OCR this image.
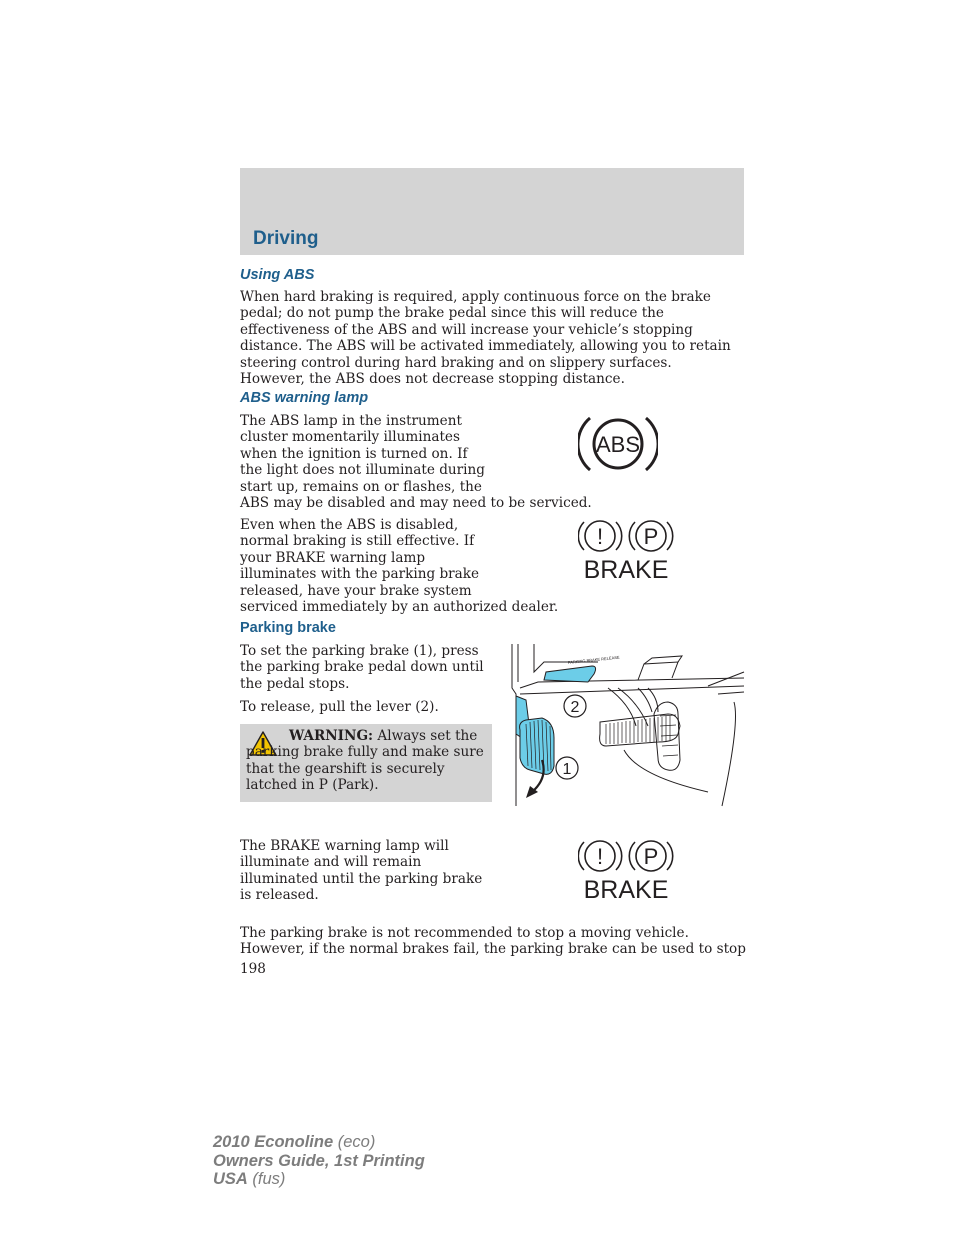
Driving
Using ABS

When hard braking is required, apply continuous force on the brake pedal; do not pump the brake pedal since this will reduce the effectiveness of the ABS and will increase your vehicle’s stopping distance. The ABS will be activated immediately, allowing you to retain steering control during hard braking and on slippery surfaces. However, the ABS does not decrease stopping distance.

ABS warning lamp
The ABS lamp in the instrument
cluster momentarily illuminates
when the ignition is turned on. If
the light does not illuminate during
start up, remains on or flashes, the
ABS may be disabled and may need to be serviced.
ABS
Even when the ABS is disabled,
normal braking is still effective. If
your BRAKE warning lamp
illuminates with the parking brake
released, have your brake system
serviced immediately by an authorized dealer.
! P
BRAKE
Parking brake
To set the parking brake (1), press
the parking brake pedal down until
the pedal stops.
To release, pull the lever (2).
WARNING: Always set the parking brake fully and make sure that the gearshift is securely latched in P (Park).
PARKING BRAKE RELEASE
2
1
The BRAKE warning lamp will
illuminate and will remain
illuminated until the parking brake
is released.
! P
BRAKE
The parking brake is not recommended to stop a moving vehicle.
However, if the normal brakes fail, the parking brake can be used to stop
198
2010 Econoline (eco)
Owners Guide, 1st Printing
USA (fus)
